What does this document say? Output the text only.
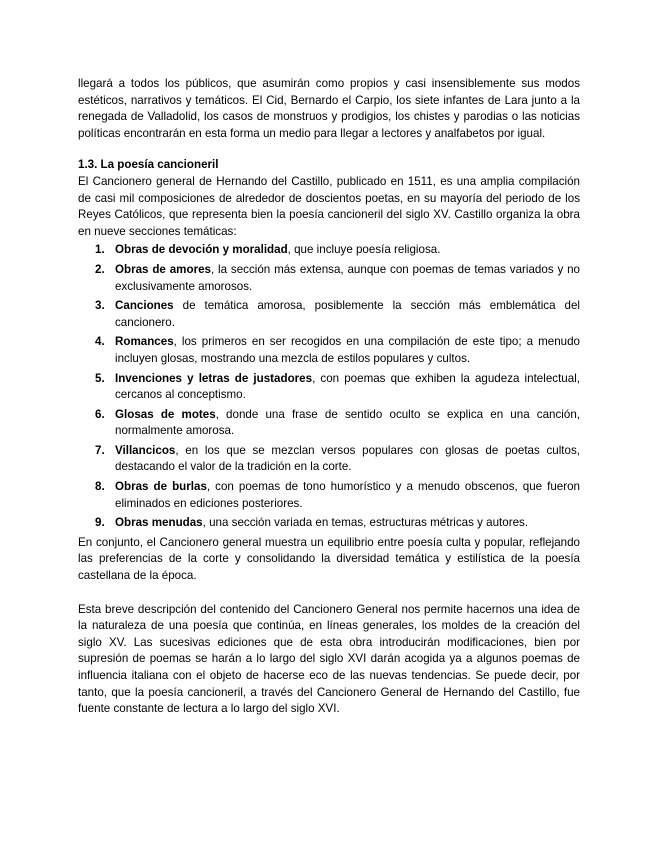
llegará a todos los públicos, que asumirán como propios y casi insensiblemente sus modos estéticos, narrativos y temáticos. El Cid, Bernardo el Carpio, los siete infantes de Lara junto a la renegada de Valladolid, los casos de monstruos y prodigios, los chistes y parodias o las noticias políticas encontrarán en esta forma un medio para llegar a lectores y analfabetos por igual.

1.3. La poesía cancioneril

El Cancionero general de Hernando del Castillo, publicado en 1511, es una amplia compilación de casi mil composiciones de alrededor de doscientos poetas, en su mayoría del periodo de los Reyes Católicos, que representa bien la poesía cancioneril del siglo XV. Castillo organiza la obra en nueve secciones temáticas:

1. Obras de devoción y moralidad, que incluye poesía religiosa.
2. Obras de amores, la sección más extensa, aunque con poemas de temas variados y no exclusivamente amorosos.
3. Canciones de temática amorosa, posiblemente la sección más emblemática del cancionero.
4. Romances, los primeros en ser recogidos en una compilación de este tipo; a menudo incluyen glosas, mostrando una mezcla de estilos populares y cultos.
5. Invenciones y letras de justadores, con poemas que exhiben la agudeza intelectual, cercanos al conceptismo.
6. Glosas de motes, donde una frase de sentido oculto se explica en una canción, normalmente amorosa.
7. Villancicos, en los que se mezclan versos populares con glosas de poetas cultos, destacando el valor de la tradición en la corte.
8. Obras de burlas, con poemas de tono humorístico y a menudo obscenos, que fueron eliminados en ediciones posteriores.
9. Obras menudas, una sección variada en temas, estructuras métricas y autores.

En conjunto, el Cancionero general muestra un equilibrio entre poesía culta y popular, reflejando las preferencias de la corte y consolidando la diversidad temática y estilística de la poesía castellana de la época.

Esta breve descripción del contenido del Cancionero General nos permite hacernos una idea de la naturaleza de una poesía que continúa, en líneas generales, los moldes de la creación del siglo XV. Las sucesivas ediciones que de esta obra introducirán modificaciones, bien por supresión de poemas se harán a lo largo del siglo XVI darán acogida ya a algunos poemas de influencia italiana con el objeto de hacerse eco de las nuevas tendencias. Se puede decir, por tanto, que la poesía cancioneril, a través del Cancionero General de Hernando del Castillo, fue fuente constante de lectura a lo largo del siglo XVI.
